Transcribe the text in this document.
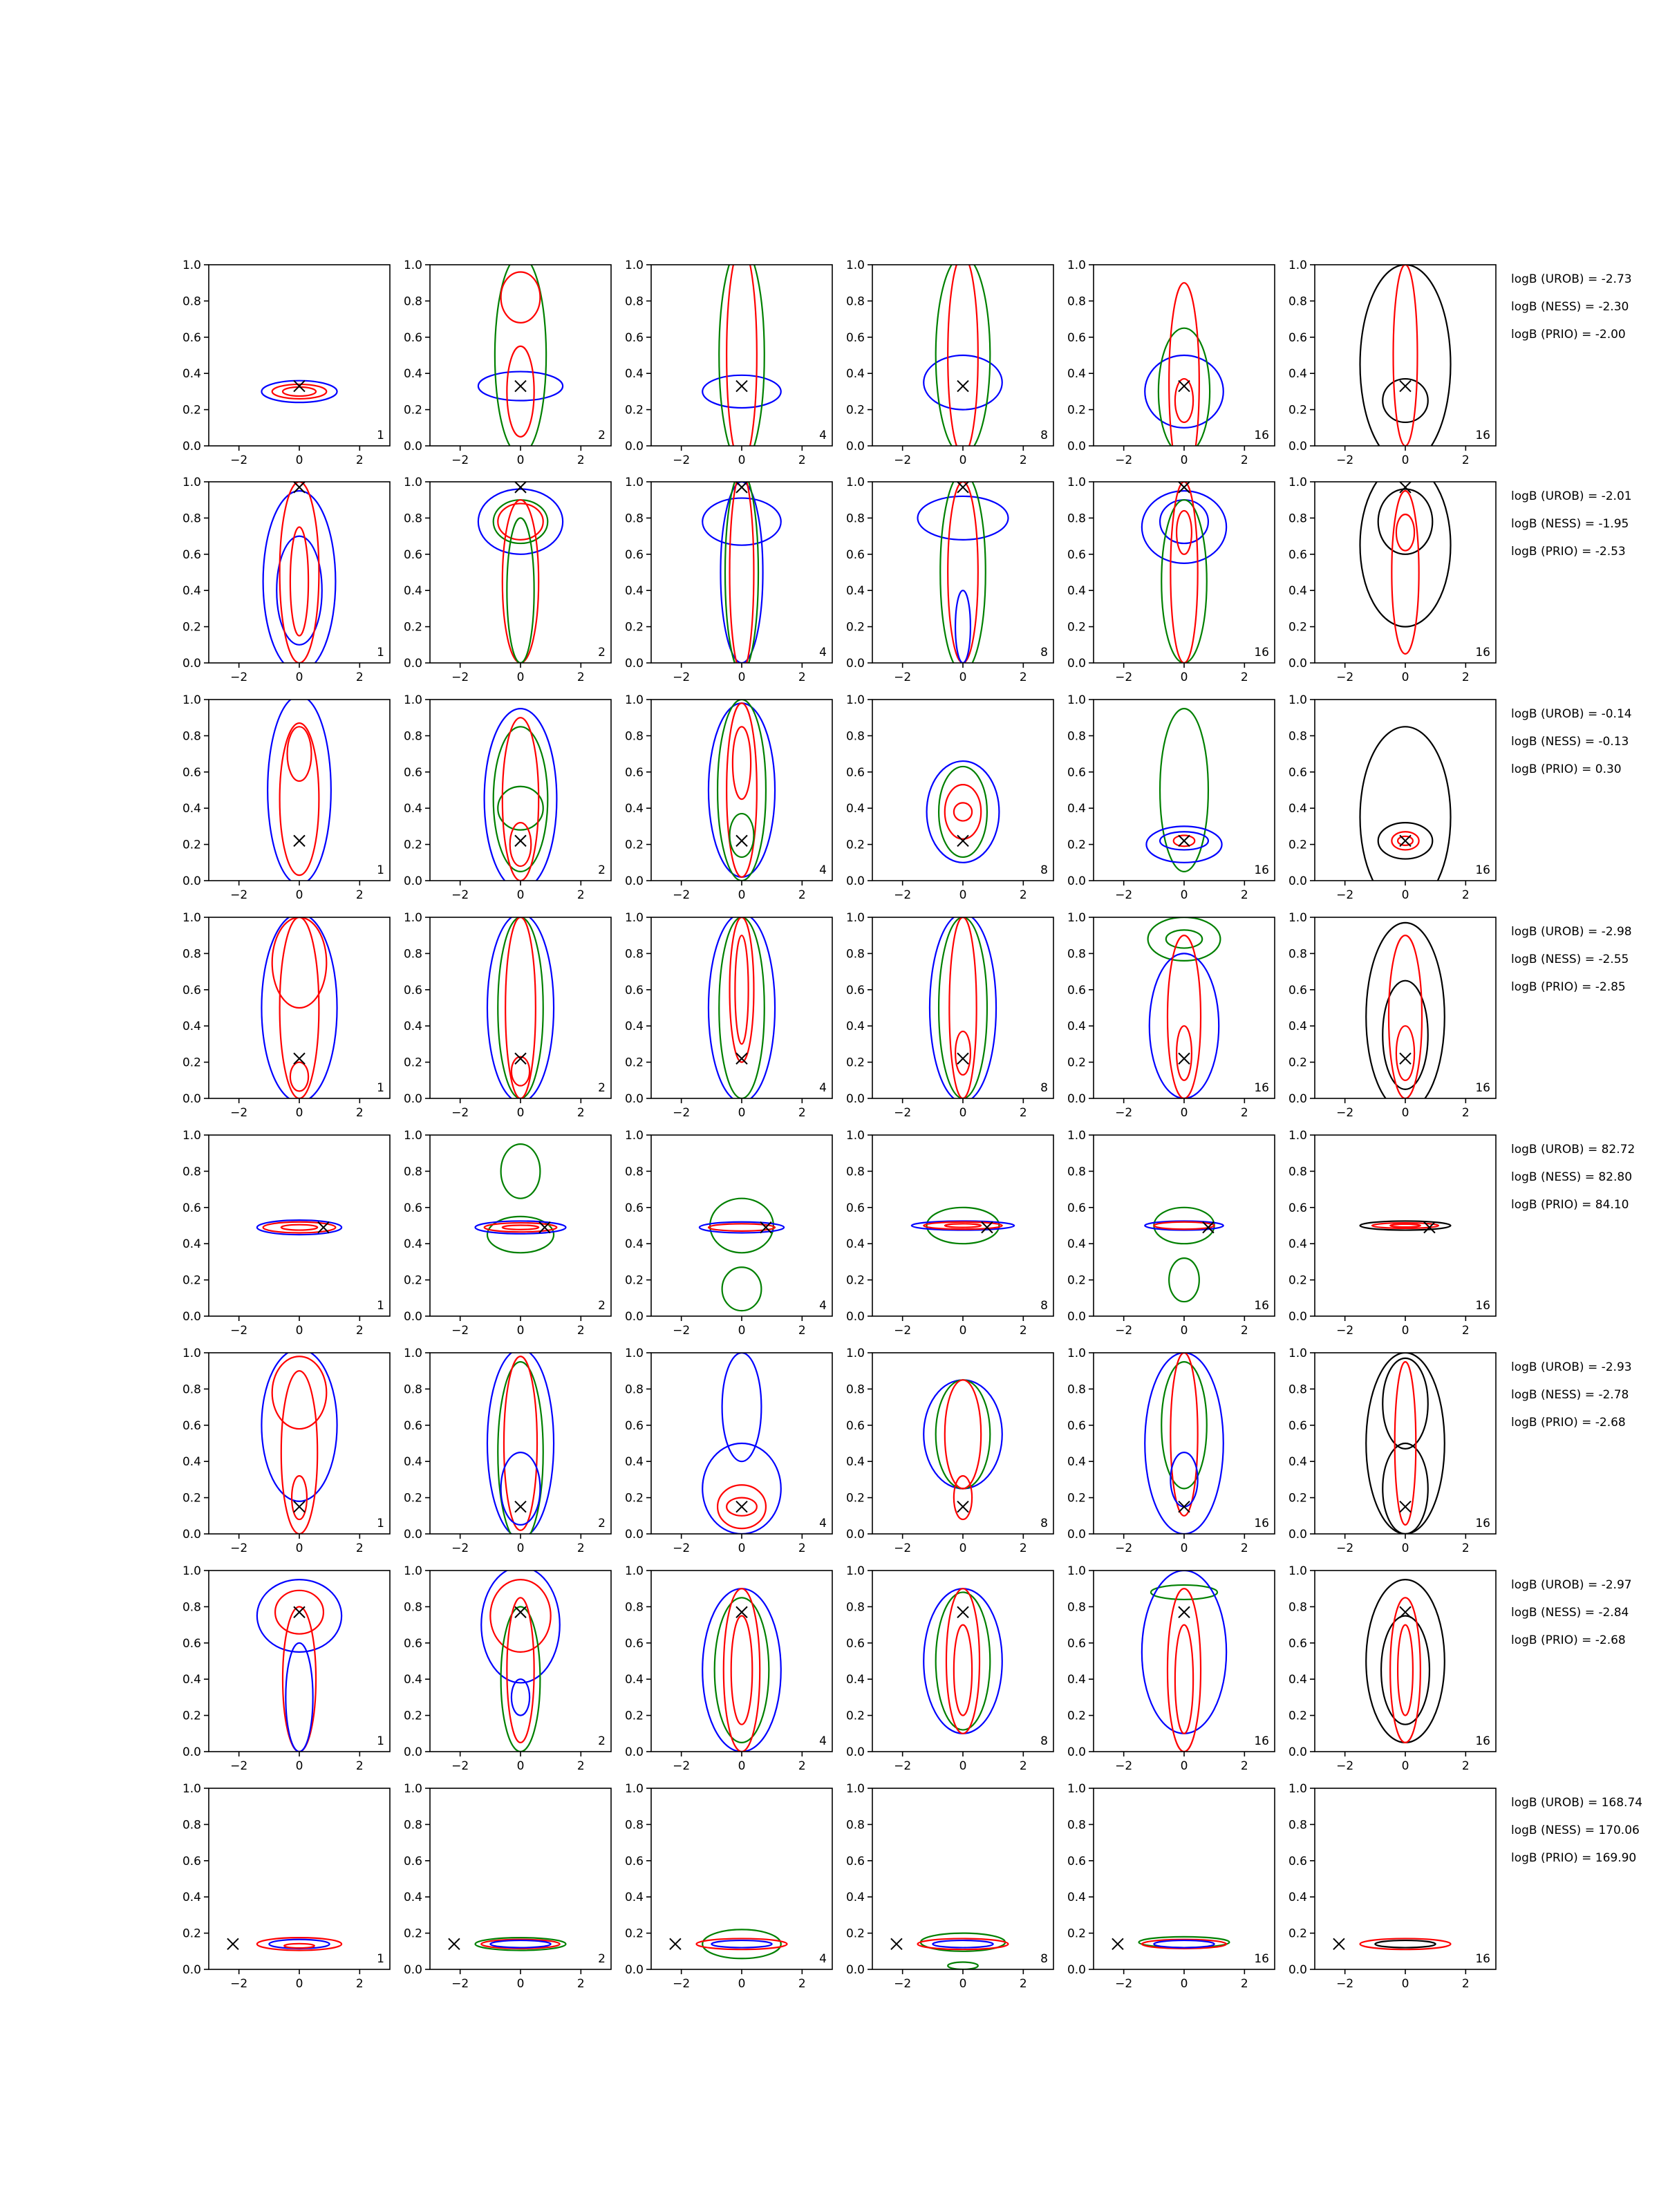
−2	0	2
0.0
0.2
0.4
0.6
0.8
1.0
1
−2	0	2
0.0
0.2
0.4
0.6
0.8
1.0
2
−2	0	2
0.0
0.2
0.4
0.6
0.8
1.0
4
−2	0	2
0.0
0.2
0.4
0.6
0.8
1.0
8
−2	0	2
0.0
0.2
0.4
0.6
0.8
1.0
16
−2	0	2
0.0
0.2
0.4
0.6
0.8
1.0
16
logB (UROB) = -2.73
logB (NESS) = -2.30
logB (PRIO) = -2.00
−2	0	2
0.0
0.2
0.4
0.6
0.8
1.0
1
−2	0	2
0.0
0.2
0.4
0.6
0.8
1.0
2
−2	0	2
0.0
0.2
0.4
0.6
0.8
1.0
4
−2	0	2
0.0
0.2
0.4
0.6
0.8
1.0
8
−2	0	2
0.0
0.2
0.4
0.6
0.8
1.0
16
−2	0	2
0.0
0.2
0.4
0.6
0.8
1.0
16
logB (UROB) = -2.01
logB (NESS) = -1.95
logB (PRIO) = -2.53
−2	0	2
0.0
0.2
0.4
0.6
0.8
1.0
1
−2	0	2
0.0
0.2
0.4
0.6
0.8
1.0
2
−2	0	2
0.0
0.2
0.4
0.6
0.8
1.0
4
−2	0	2
0.0
0.2
0.4
0.6
0.8
1.0
8
−2	0	2
0.0
0.2
0.4
0.6
0.8
1.0
16
−2	0	2
0.0
0.2
0.4
0.6
0.8
1.0
16
logB (UROB) = -0.14
logB (NESS) = -0.13
logB (PRIO) = 0.30
−2	0	2
0.0
0.2
0.4
0.6
0.8
1.0
1
−2	0	2
0.0
0.2
0.4
0.6
0.8
1.0
2
−2	0	2
0.0
0.2
0.4
0.6
0.8
1.0
4
−2	0	2
0.0
0.2
0.4
0.6
0.8
1.0
8
−2	0	2
0.0
0.2
0.4
0.6
0.8
1.0
16
−2	0	2
0.0
0.2
0.4
0.6
0.8
1.0
16
logB (UROB) = -2.98
logB (NESS) = -2.55
logB (PRIO) = -2.85
−2	0	2
0.0
0.2
0.4
0.6
0.8
1.0
1
−2	0	2
0.0
0.2
0.4
0.6
0.8
1.0
2
−2	0	2
0.0
0.2
0.4
0.6
0.8
1.0
4
−2	0	2
0.0
0.2
0.4
0.6
0.8
1.0
8
−2	0	2
0.0
0.2
0.4
0.6
0.8
1.0
16
−2	0	2
0.0
0.2
0.4
0.6
0.8
1.0
16
logB (UROB) = 82.72
logB (NESS) = 82.80
logB (PRIO) = 84.10
−2	0	2
0.0
0.2
0.4
0.6
0.8
1.0
1
−2	0	2
0.0
0.2
0.4
0.6
0.8
1.0
2
−2	0	2
0.0
0.2
0.4
0.6
0.8
1.0
4
−2	0	2
0.0
0.2
0.4
0.6
0.8
1.0
8
−2	0	2
0.0
0.2
0.4
0.6
0.8
1.0
16
−2	0	2
0.0
0.2
0.4
0.6
0.8
1.0
16
logB (UROB) = -2.93
logB (NESS) = -2.78
logB (PRIO) = -2.68
−2	0	2
0.0
0.2
0.4
0.6
0.8
1.0
1
−2	0	2
0.0
0.2
0.4
0.6
0.8
1.0
2
−2	0	2
0.0
0.2
0.4
0.6
0.8
1.0
4
−2	0	2
0.0
0.2
0.4
0.6
0.8
1.0
8
−2	0	2
0.0
0.2
0.4
0.6
0.8
1.0
16
−2	0	2
0.0
0.2
0.4
0.6
0.8
1.0
16
logB (UROB) = -2.97
logB (NESS) = -2.84
logB (PRIO) = -2.68
−2	0	2
0.0
0.2
0.4
0.6
0.8
1.0
1
−2	0	2
0.0
0.2
0.4
0.6
0.8
1.0
2
−2	0	2
0.0
0.2
0.4
0.6
0.8
1.0
4
−2	0	2
0.0
0.2
0.4
0.6
0.8
1.0
8
−2	0	2
0.0
0.2
0.4
0.6
0.8
1.0
16
−2	0	2
0.0
0.2
0.4
0.6
0.8
1.0
16
logB (UROB) = 168.74
logB (NESS) = 170.06
logB (PRIO) = 169.90
